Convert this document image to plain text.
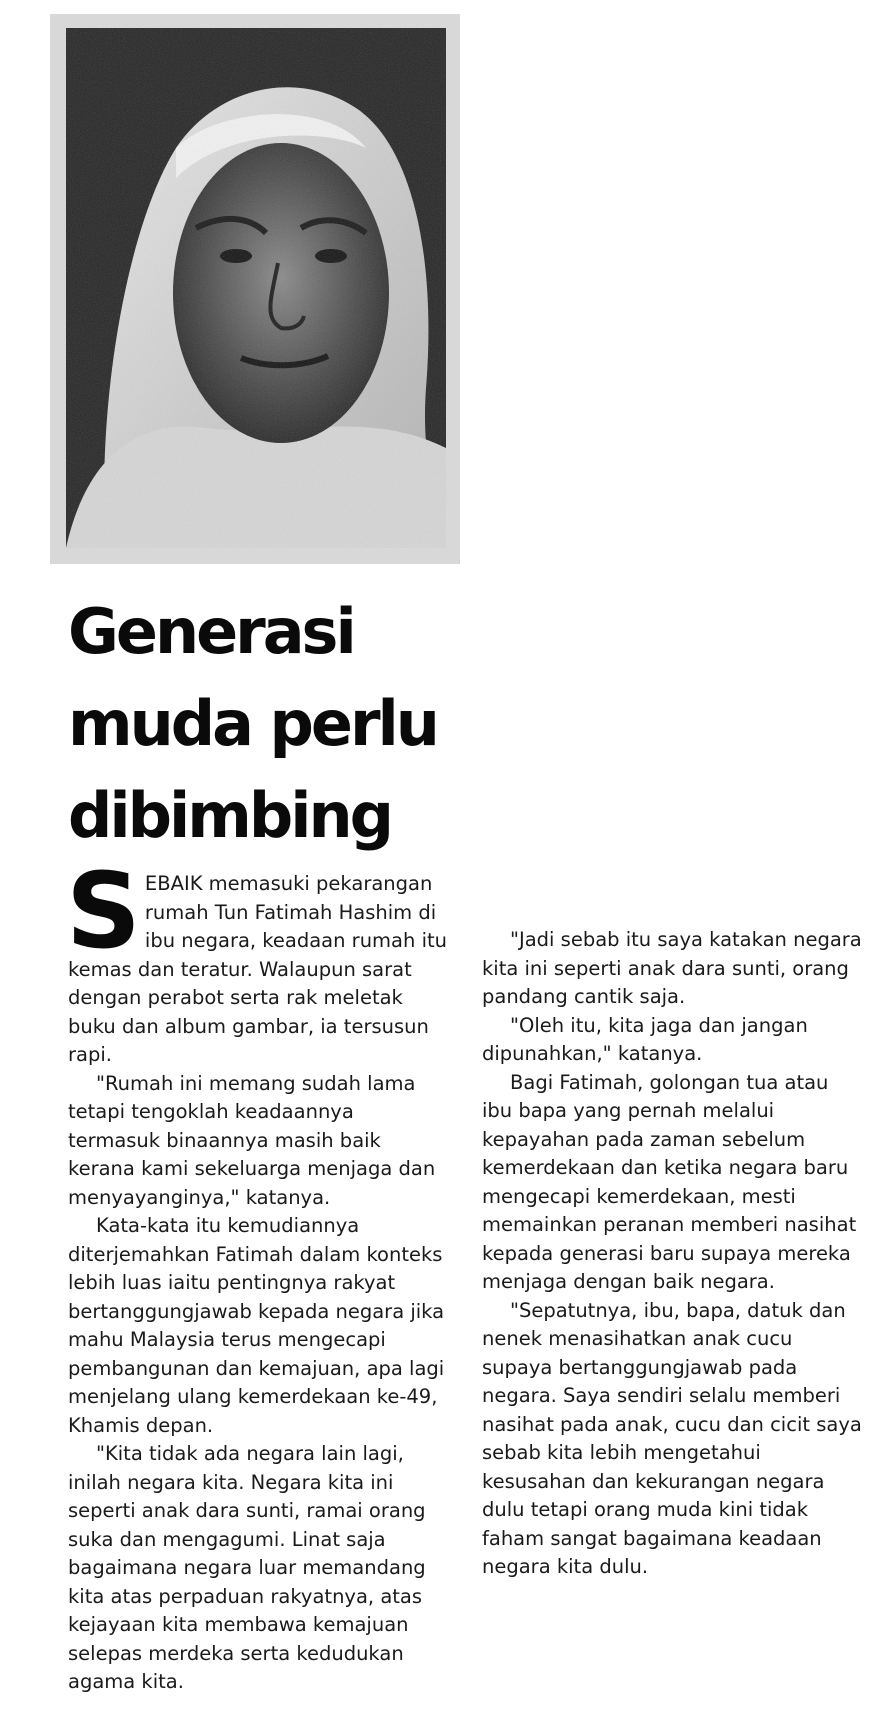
Generasi
muda perlu
dibimbing

SEBAIK memasuki pekarangan rumah Tun Fatimah Hashim di ibu negara, keadaan rumah itu kemas dan teratur. Walaupun sarat dengan perabot serta rak meletak buku dan album gambar, ia tersusun rapi.

"Rumah ini memang sudah lama tetapi tengoklah keadaannya termasuk binaannya masih baik kerana kami sekeluarga menjaga dan menyayanginya," katanya.

Kata-kata itu kemudiannya diterjemahkan Fatimah dalam konteks lebih luas iaitu pentingnya rakyat bertanggungjawab kepada negara jika mahu Malaysia terus mengecapi pembangunan dan kemajuan, apa lagi menjelang ulang kemerdekaan ke-49, Khamis depan.

"Kita tidak ada negara lain lagi, inilah negara kita. Negara kita ini seperti anak dara sunti, ramai orang suka dan mengagumi. Linat saja bagaimana negara luar memandang kita atas perpaduan rakyatnya, atas kejayaan kita membawa kemajuan selepas merdeka serta kedudukan agama kita.

"Jadi sebab itu saya katakan negara kita ini seperti anak dara sunti, orang pandang cantik saja.

"Oleh itu, kita jaga dan jangan dipunahkan," katanya.

Bagi Fatimah, golongan tua atau ibu bapa yang pernah melalui kepayahan pada zaman sebelum kemerdekaan dan ketika negara baru mengecapi kemerdekaan, mesti memainkan peranan memberi nasihat kepada generasi baru supaya mereka menjaga dengan baik negara.

"Sepatutnya, ibu, bapa, datuk dan nenek menasihatkan anak cucu supaya bertanggungjawab pada negara. Saya sendiri selalu memberi nasihat pada anak, cucu dan cicit saya sebab kita lebih mengetahui kesusahan dan kekurangan negara dulu tetapi orang muda kini tidak faham sangat bagaimana keadaan negara kita dulu.
